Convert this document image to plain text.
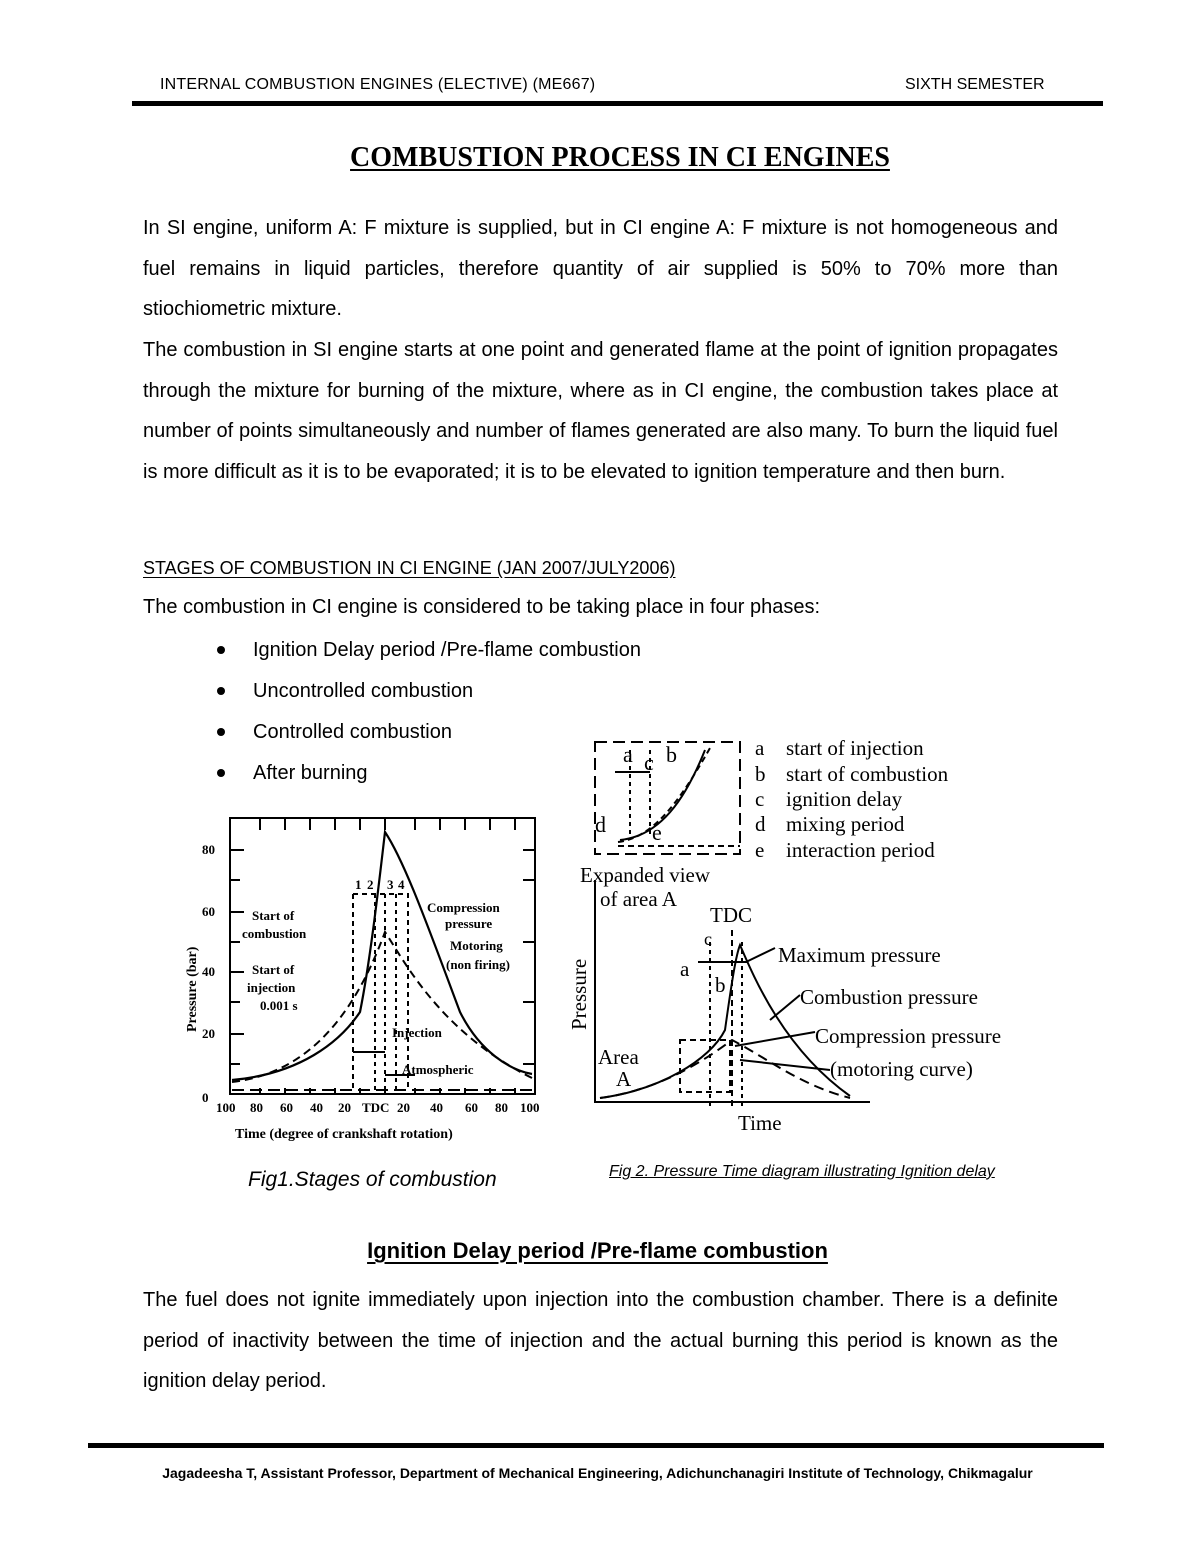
INTERNAL COMBUSTION ENGINES (ELECTIVE) (ME667)	SIXTH SEMESTER
COMBUSTION PROCESS IN CI ENGINES
In SI engine, uniform A: F mixture is supplied, but in CI engine A: F mixture is not homogeneous and fuel remains in liquid particles, therefore quantity of air supplied is 50% to 70% more than stiochiometric mixture.
The combustion in SI engine starts at one point and generated flame at the point of ignition propagates through the mixture for burning of the mixture, where as in CI engine, the combustion takes place at number of points simultaneously and number of flames generated are also many. To burn the liquid fuel is more difficult as it is to be evaporated; it is to be elevated to ignition temperature and then burn.
STAGES OF COMBUSTION IN CI ENGINE (JAN 2007/JULY2006)
The combustion in CI engine is considered to be taking place in four phases:
Ignition Delay period /Pre-flame combustion
Uncontrolled combustion
Controlled combustion
After burning
80
60
40
20
0
100 80 60 40 20 TDC 20 40 60 80 100
1 2 3 4
Start of
combustion
Start of
injection
0.001 s
Compression
pressure
Motoring
(non firing)
Injection
Atmospheric
Pressure (bar)
Time (degree of crankshaft rotation)
a c b
d e
a start of injection
b start of combustion
c ignition delay
d mixing period
e interaction period
Expanded view
of area A
TDC
c
a
b
Area
A
Time
Maximum pressure
Combustion pressure
Compression pressure
(motoring curve)
Pressure
Fig1.Stages of combustion	Fig 2. Pressure Time diagram illustrating Ignition delay
Ignition Delay period /Pre-flame combustion
The fuel does not ignite immediately upon injection into the combustion chamber. There is a definite period of inactivity between the time of injection and the actual burning this period is known as the ignition delay period.
Jagadeesha T, Assistant Professor, Department of Mechanical Engineering, Adichunchanagiri Institute of Technology, Chikmagalur
